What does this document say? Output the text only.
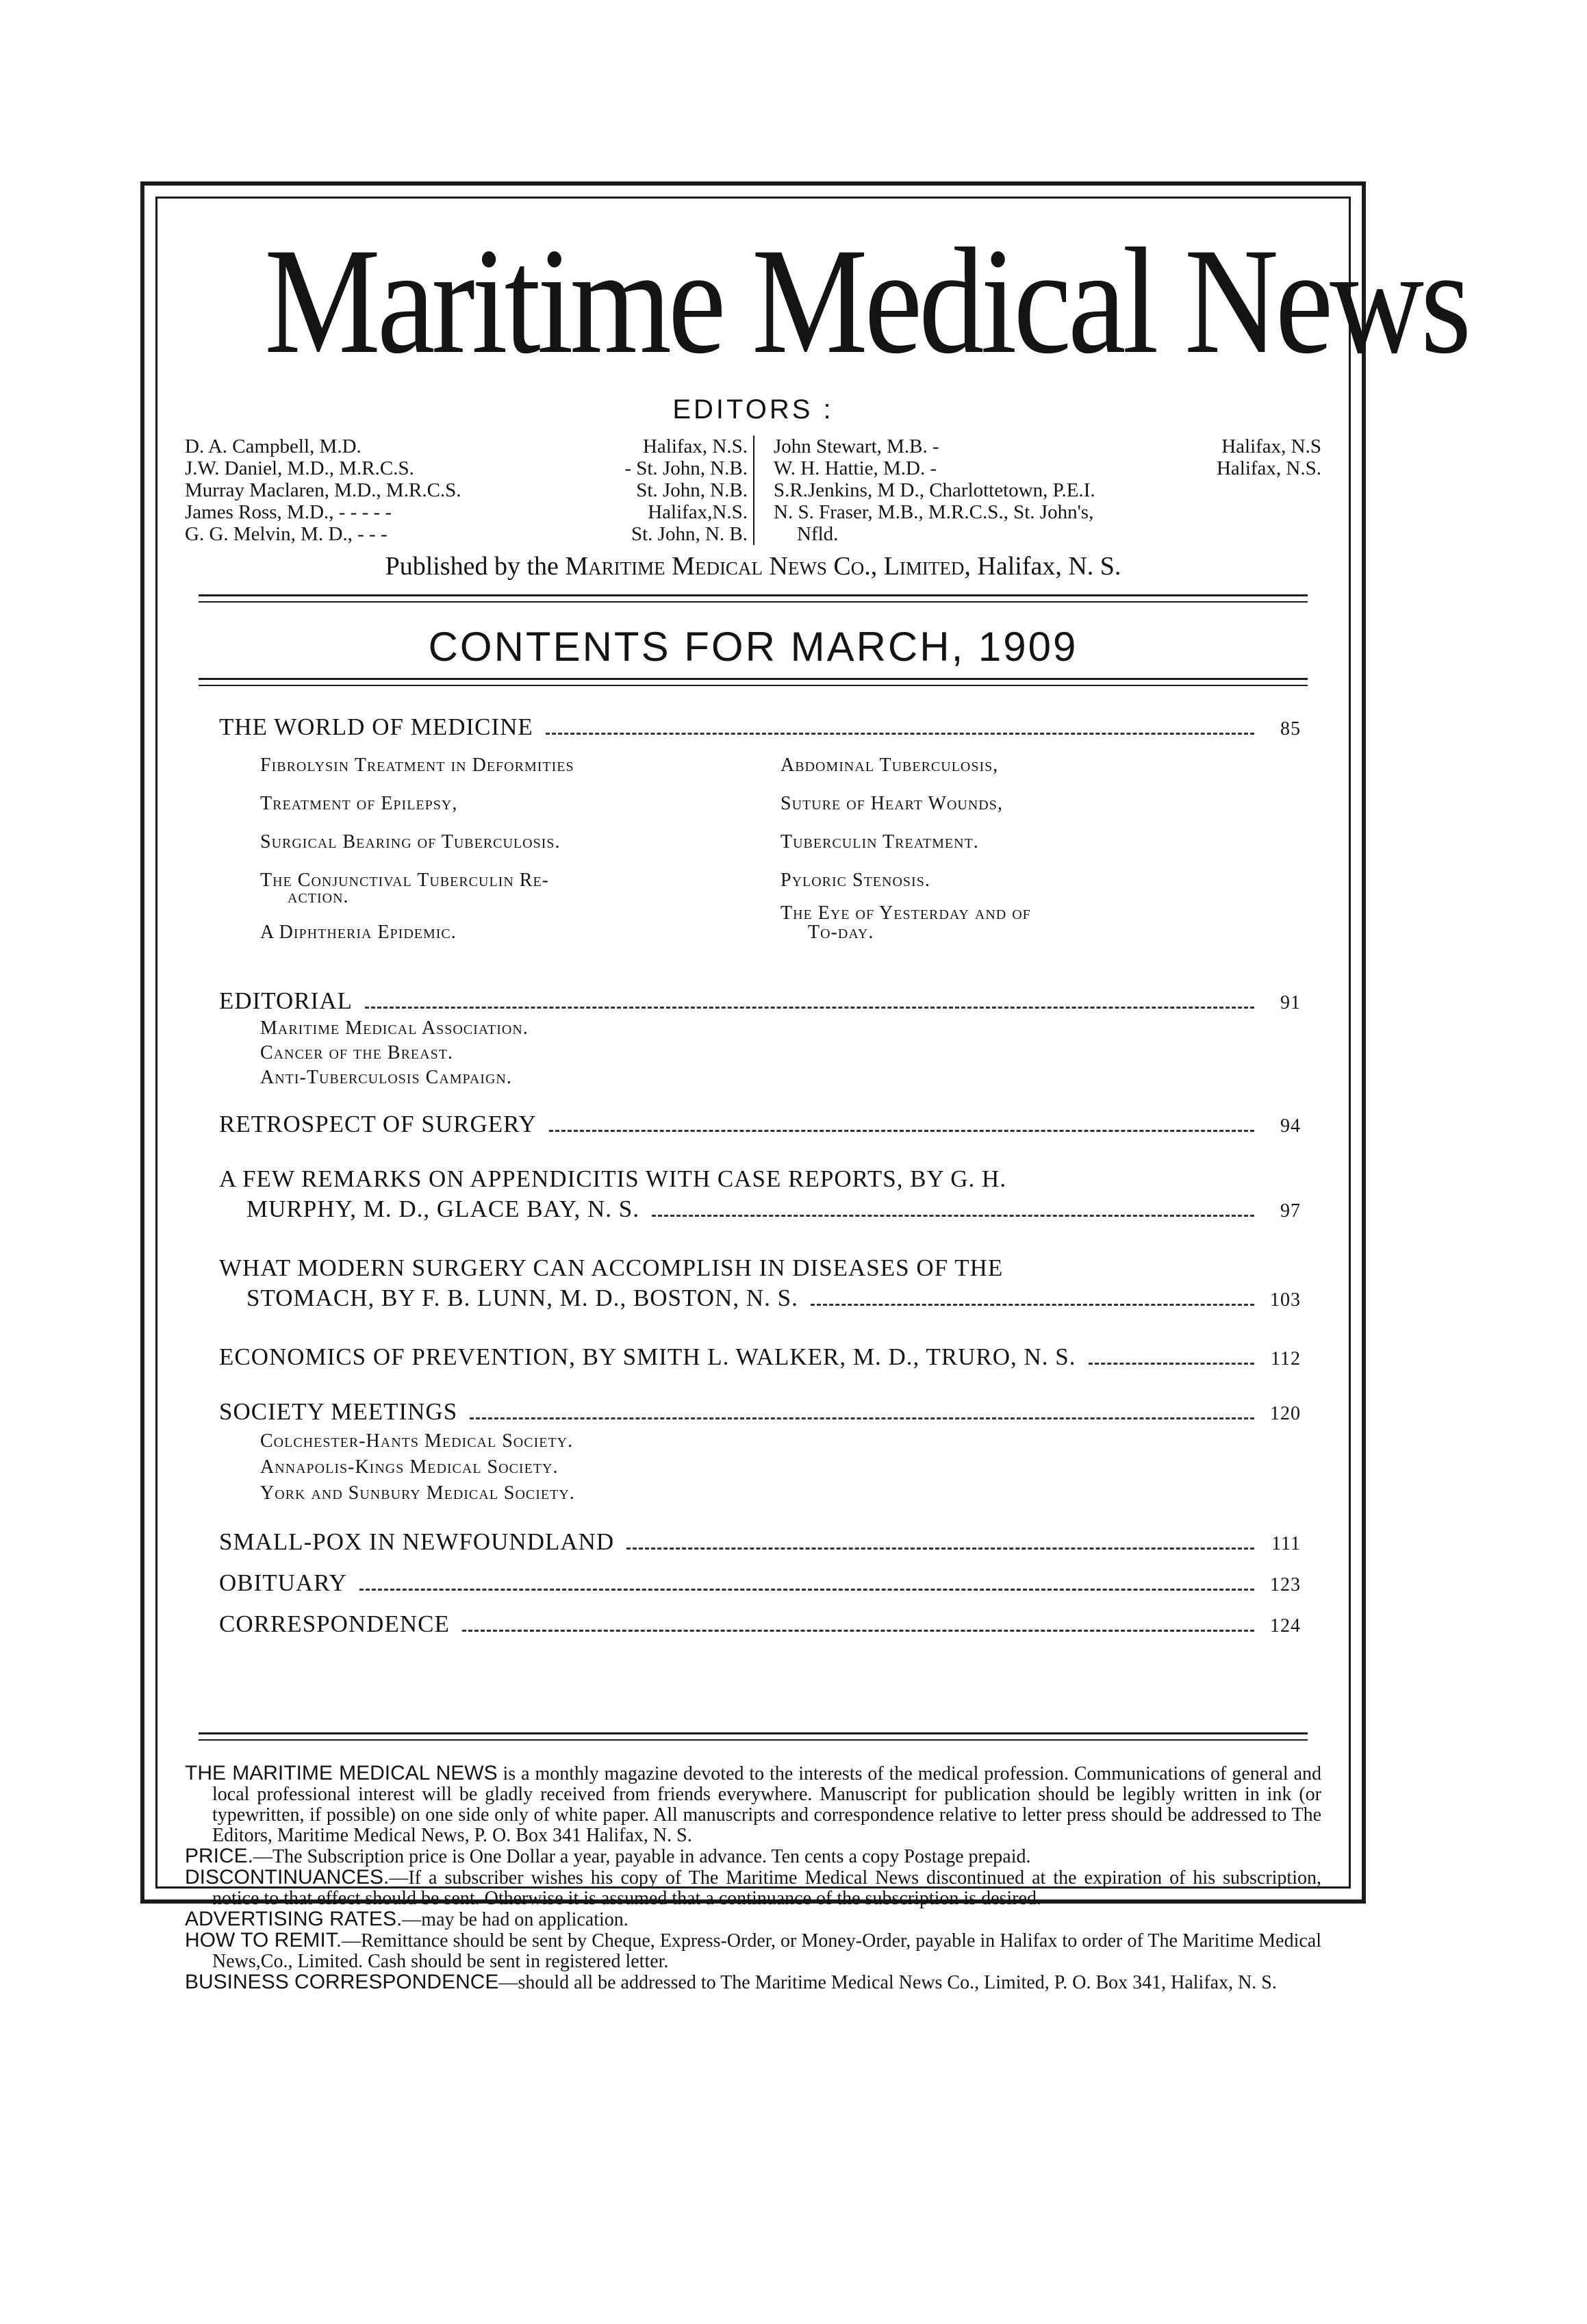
Maritime Medical News
EDITORS :
D. A. Campbell, M.D.	Halifax, N.S.
J.W. Daniel, M.D., M.R.C.S.	- St. John, N.B.
Murray Maclaren, M.D., M.R.C.S.	St. John, N.B.
James Ross, M.D., - - - - -	Halifax,N.S.
G. G. Melvin, M. D., - - -	St. John, N. B.
John Stewart, M.B. -	Halifax, N.S
W. H. Hattie, M.D. -	Halifax, N.S.
S.R.Jenkins, M D., Charlottetown, P.E.I.
N. S. Fraser, M.B., M.R.C.S., St. John's,
Nfld.
Published by the Maritime Medical News Co., Limited, Halifax, N. S.
CONTENTS FOR MARCH, 1909
THE WORLD OF MEDICINE	85
Fibrolysin Treatment in Deformities
Treatment of Epilepsy,
Surgical Bearing of Tuberculosis.
The Conjunctival Tuberculin Re-
action.
A Diphtheria Epidemic.
Abdominal Tuberculosis,
Suture of Heart Wounds,
Tuberculin Treatment.
Pyloric Stenosis.
The Eye of Yesterday and of
To-day.
EDITORIAL	91
Maritime Medical Association.
Cancer of the Breast.
Anti-Tuberculosis Campaign.
RETROSPECT OF SURGERY	94
A FEW REMARKS ON APPENDICITIS WITH CASE REPORTS, BY G. H.
MURPHY, M. D., GLACE BAY, N. S.	97
WHAT MODERN SURGERY CAN ACCOMPLISH IN DISEASES OF THE
STOMACH, BY F. B. LUNN, M. D., BOSTON, N. S.	103
ECONOMICS OF PREVENTION, BY SMITH L. WALKER, M. D., TRURO, N. S.	112
SOCIETY MEETINGS	120
Colchester-Hants Medical Society.
Annapolis-Kings Medical Society.
York and Sunbury Medical Society.
SMALL-POX IN NEWFOUNDLAND	111
OBITUARY	123
CORRESPONDENCE	124

THE MARITIME MEDICAL NEWS is a monthly magazine devoted to the interests of the medical profession. Communications of general and local professional interest will be gladly received from friends everywhere. Manuscript for publication should be legibly written in ink (or typewritten, if possible) on one side only of white paper. All manuscripts and correspondence relative to letter press should be addressed to The Editors, Maritime Medical News, P. O. Box 341 Halifax, N. S.

PRICE.—The Subscription price is One Dollar a year, payable in advance. Ten cents a copy Postage prepaid.

DISCONTINUANCES.—If a subscriber wishes his copy of The Maritime Medical News discontinued at the expiration of his subscription, notice to that effect should be sent. Otherwise it is assumed that a continuance of the subscription is desired.

ADVERTISING RATES.—may be had on application.

HOW TO REMIT.—Remittance should be sent by Cheque, Express-Order, or Money-Order, payable in Halifax to order of The Maritime Medical News,Co., Limited. Cash should be sent in registered letter.

BUSINESS CORRESPONDENCE—should all be addressed to The Maritime Medical News Co., Limited, P. O. Box 341, Halifax, N. S.
